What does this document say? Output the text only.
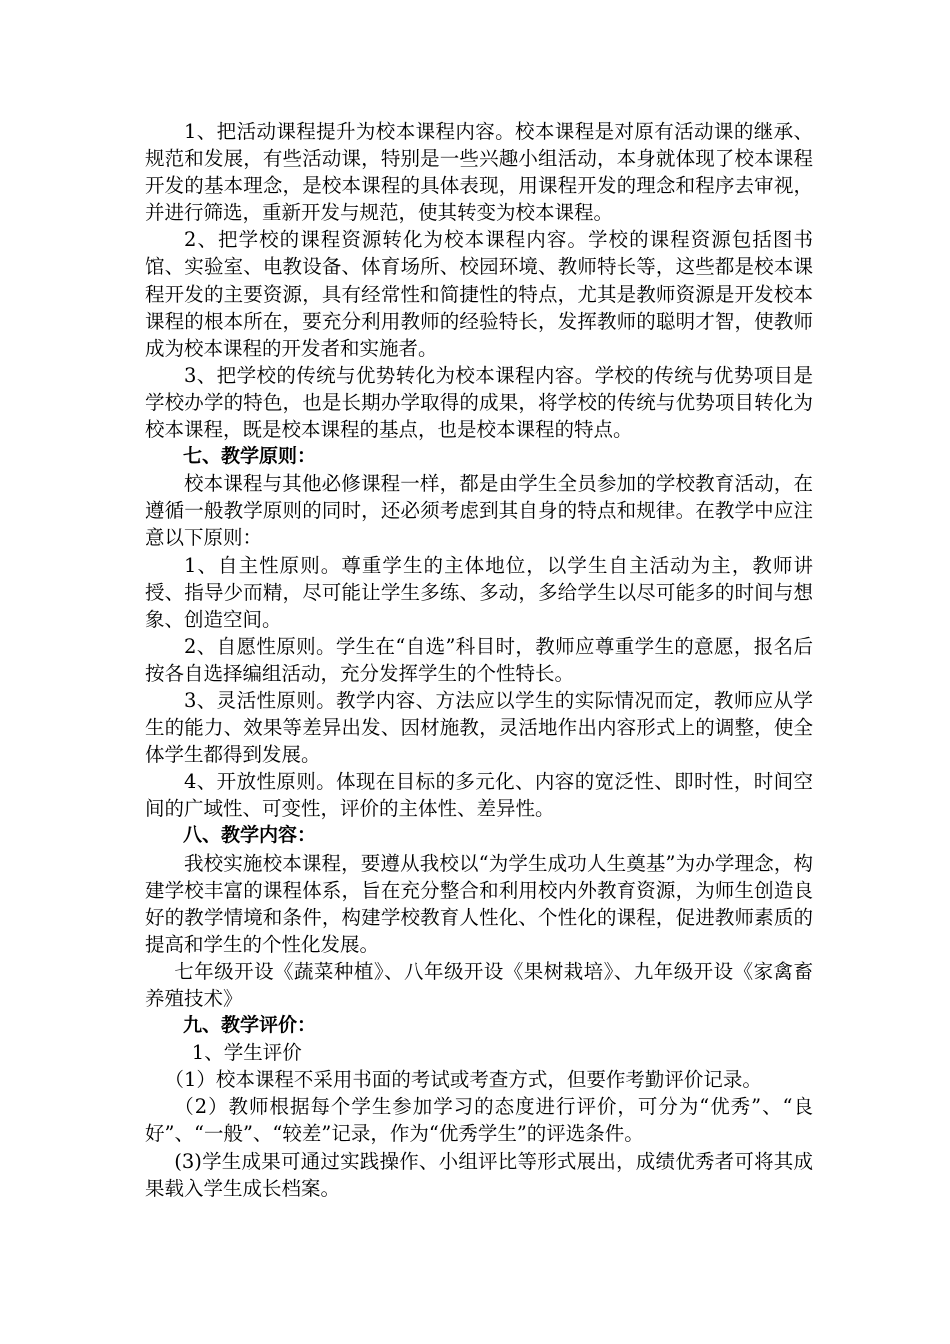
1、把活动课程提升为校本课程内容。校本课程是对原有活动课的继承、规范和发展，有些活动课，特别是一些兴趣小组活动，本身就体现了校本课程开发的基本理念，是校本课程的具体表现，用课程开发的理念和程序去审视，并进行筛选，重新开发与规范，使其转变为校本课程。

2、把学校的课程资源转化为校本课程内容。学校的课程资源包括图书馆、实验室、电教设备、体育场所、校园环境、教师特长等，这些都是校本课程开发的主要资源，具有经常性和简捷性的特点，尤其是教师资源是开发校本课程的根本所在，要充分利用教师的经验特长，发挥教师的聪明才智，使教师成为校本课程的开发者和实施者。

3、把学校的传统与优势转化为校本课程内容。学校的传统与优势项目是学校办学的特色，也是长期办学取得的成果，将学校的传统与优势项目转化为校本课程，既是校本课程的基点，也是校本课程的特点。

七、教学原则：

校本课程与其他必修课程一样，都是由学生全员参加的学校教育活动，在遵循一般教学原则的同时，还必须考虑到其自身的特点和规律。在教学中应注意以下原则：

1、自主性原则。尊重学生的主体地位，以学生自主活动为主，教师讲授、指导少而精，尽可能让学生多练、多动，多给学生以尽可能多的时间与想象、创造空间。

2、自愿性原则。学生在“自选”科目时，教师应尊重学生的意愿，报名后按各自选择编组活动，充分发挥学生的个性特长。

3、灵活性原则。教学内容、方法应以学生的实际情况而定，教师应从学生的能力、效果等差异出发、因材施教，灵活地作出内容形式上的调整，使全体学生都得到发展。

4、开放性原则。体现在目标的多元化、内容的宽泛性、即时性，时间空间的广域性、可变性，评价的主体性、差异性。

八、教学内容：

我校实施校本课程，要遵从我校以“为学生成功人生奠基”为办学理念，构建学校丰富的课程体系，旨在充分整合和利用校内外教育资源，为师生创造良好的教学情境和条件，构建学校教育人性化、个性化的课程，促进教师素质的提高和学生的个性化发展。

七年级开设《蔬菜种植》、八年级开设《果树栽培》、九年级开设《家禽畜养殖技术》

九、教学评价：

1、学生评价

（1）校本课程不采用书面的考试或考查方式，但要作考勤评价记录。

（2）教师根据每个学生参加学习的态度进行评价，可分为“优秀”、“良好”、“一般”、“较差”记录，作为“优秀学生”的评选条件。

(3)学生成果可通过实践操作、小组评比等形式展出，成绩优秀者可将其成果载入学生成长档案。
